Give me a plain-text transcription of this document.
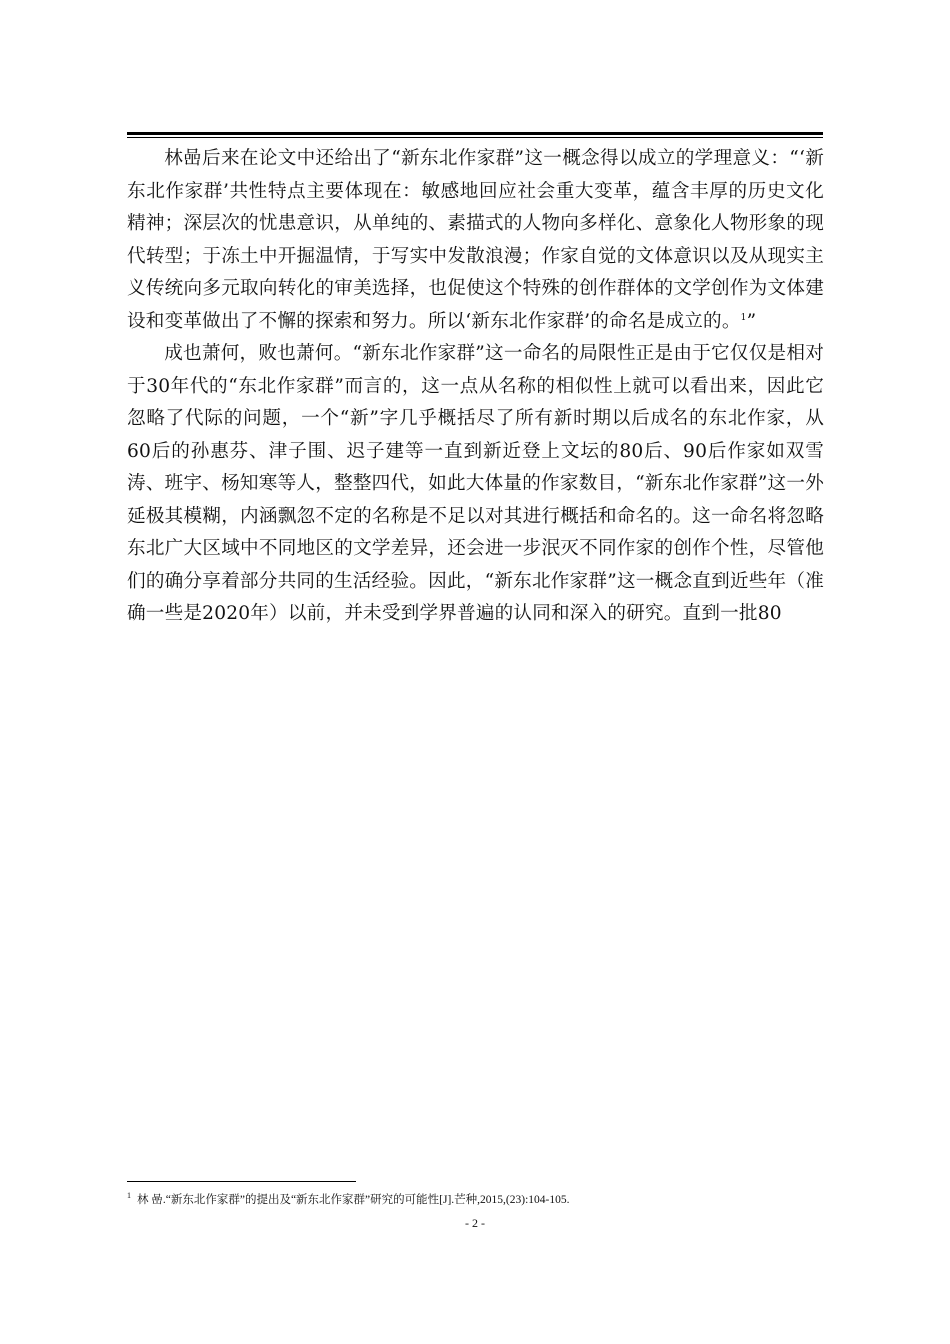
林喦后来在论文中还给出了“新东北作家群”这一概念得以成立的学理意义：“‘新东北作家群’共性特点主要体现在：敏感地回应社会重大变革，蕴含丰厚的历史文化精神；深层次的忧患意识，从单纯的、素描式的人物向多样化、意象化人物形象的现代转型；于冻土中开掘温情，于写实中发散浪漫；作家自觉的文体意识以及从现实主义传统向多元取向转化的审美选择，也促使这个特殊的创作群体的文学创作为文体建设和变革做出了不懈的探索和努力。所以‘新东北作家群’的命名是成立的。$^1$”

成也萧何，败也萧何。“新东北作家群”这一命名的局限性正是由于它仅仅是相对于30年代的“东北作家群”而言的，这一点从名称的相似性上就可以看出来，因此它忽略了代际的问题，一个“新”字几乎概括尽了所有新时期以后成名的东北作家，从60后的孙惠芬、津子围、迟子建等一直到新近登上文坛的80后、90后作家如双雪涛、班宇、杨知寒等人，整整四代，如此大体量的作家数目，“新东北作家群”这一外延极其模糊，内涵飘忽不定的名称是不足以对其进行概括和命名的。这一命名将忽略东北广大区域中不同地区的文学差异，还会进一步泯灭不同作家的创作个性，尽管他们的确分享着部分共同的生活经验。因此，“新东北作家群”这一概念直到近些年（准确一些是2020年）以前，并未受到学界普遍的认同和深入的研究。直到一批80

$^1$ 林 喦.“新东北作家群”的提出及“新东北作家群”研究的可能性[J].芒种,2015,(23):104-105.
- 2 -
